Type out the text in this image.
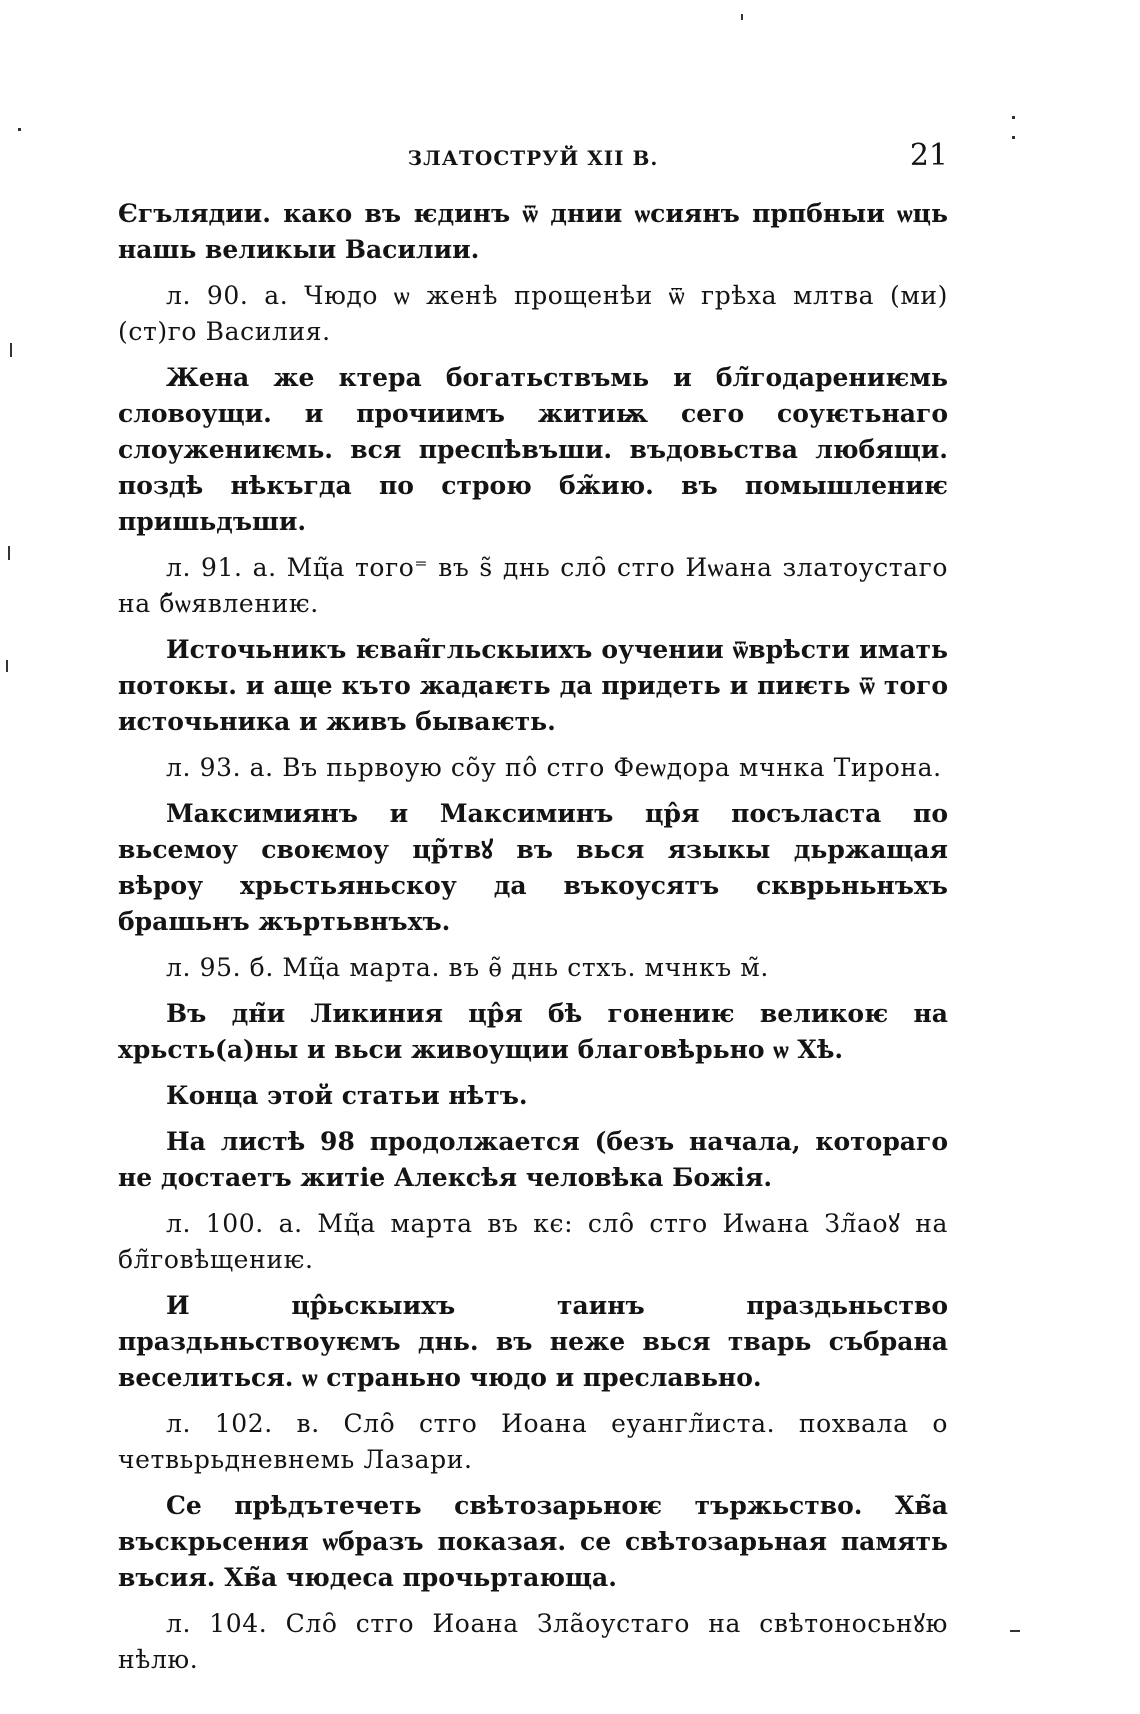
ЗЛАТОСТРУЙ XII В.	21

Єгълядии. како въ ѥдинъ ѿ днии ѡсиянъ прпбныи ѡць нашь великыи Василии.

л. 90. а. Чюдо ѡ женѣ прощенѣи ѿ грѣха млтва (ми) (ст)го Василия.

Жена же ктера богатьствъмь и бл̃годарениѥмь словоущи. и прочиимъ житиѭ сего соуѥтьнаго слоужениѥмь. вся преспѣвъши. въдовьства любящи. поздѣ нѣкъгда по строю бж̃ию. въ помышлениѥ пришьдъши.

л. 91. а. Мц̃а того⁼ въ ѕ̃ днь сло̑ стго Иѡана златоустаго на б̃ѡявлениѥ.

Источьникъ ѥван̃гльскыихъ оучении ѿврѣсти имать потокы. и аще къто жадаѥть да придеть и пиѥть ѿ того источьника и живъ бываѥть.

л. 93. а. Въ пьрвоую со̃у по̂ стго Феѡдора мчнка Тирона.

Максимиянъ и Максиминъ цр̂я посъласта по вьсемоу своѥмоу цр̃твꙋ въ вься языкы дьржащая вѣроу хрьстьяньскоу да въкоусятъ скврьньнъхъ брашьнъ жъртьвнъхъ.

л. 95. б. Мц̃а марта. въ ѳ̃ днь стхъ. мчнкъ м̃.

Въ дн̃и Ликиния цр̂я бѣ гонениѥ великоѥ на хрьсть(а)ны и вьси живоущии благовѣрьно ѡ Хѣ.

Конца этой статьи нѣтъ.

На листѣ 98 продолжается (безъ начала, котораго не достаетъ житіе Алексѣя человѣка Божія.

л. 100. а. Мц̃а марта въ кє: сло̑ стго Иѡана Зл̃аоꙋ на бл̃говѣщениѥ.

И цр̂ьскыихъ таинъ праздьньство праздьньствоуѥмъ днь. въ неже вься тварь събрана веселиться. ѡ страньно чюдо и преславьно.

л. 102. в. Сло̑ стго Иоана еуангл̃иста. похвала о четвьрьдневнемь Лазари.

Се прѣдътечеть свѣтозарьноѥ тържьство. Хв̃а въскрьсения ѡбразъ показая. се свѣтозарьная память въсия. Хв̃а чюдеса прочьртающа.

л. 104. Сло̑ стго Иоана Зла̃оустаго на свѣтоносьнꙋю нѣлю.
